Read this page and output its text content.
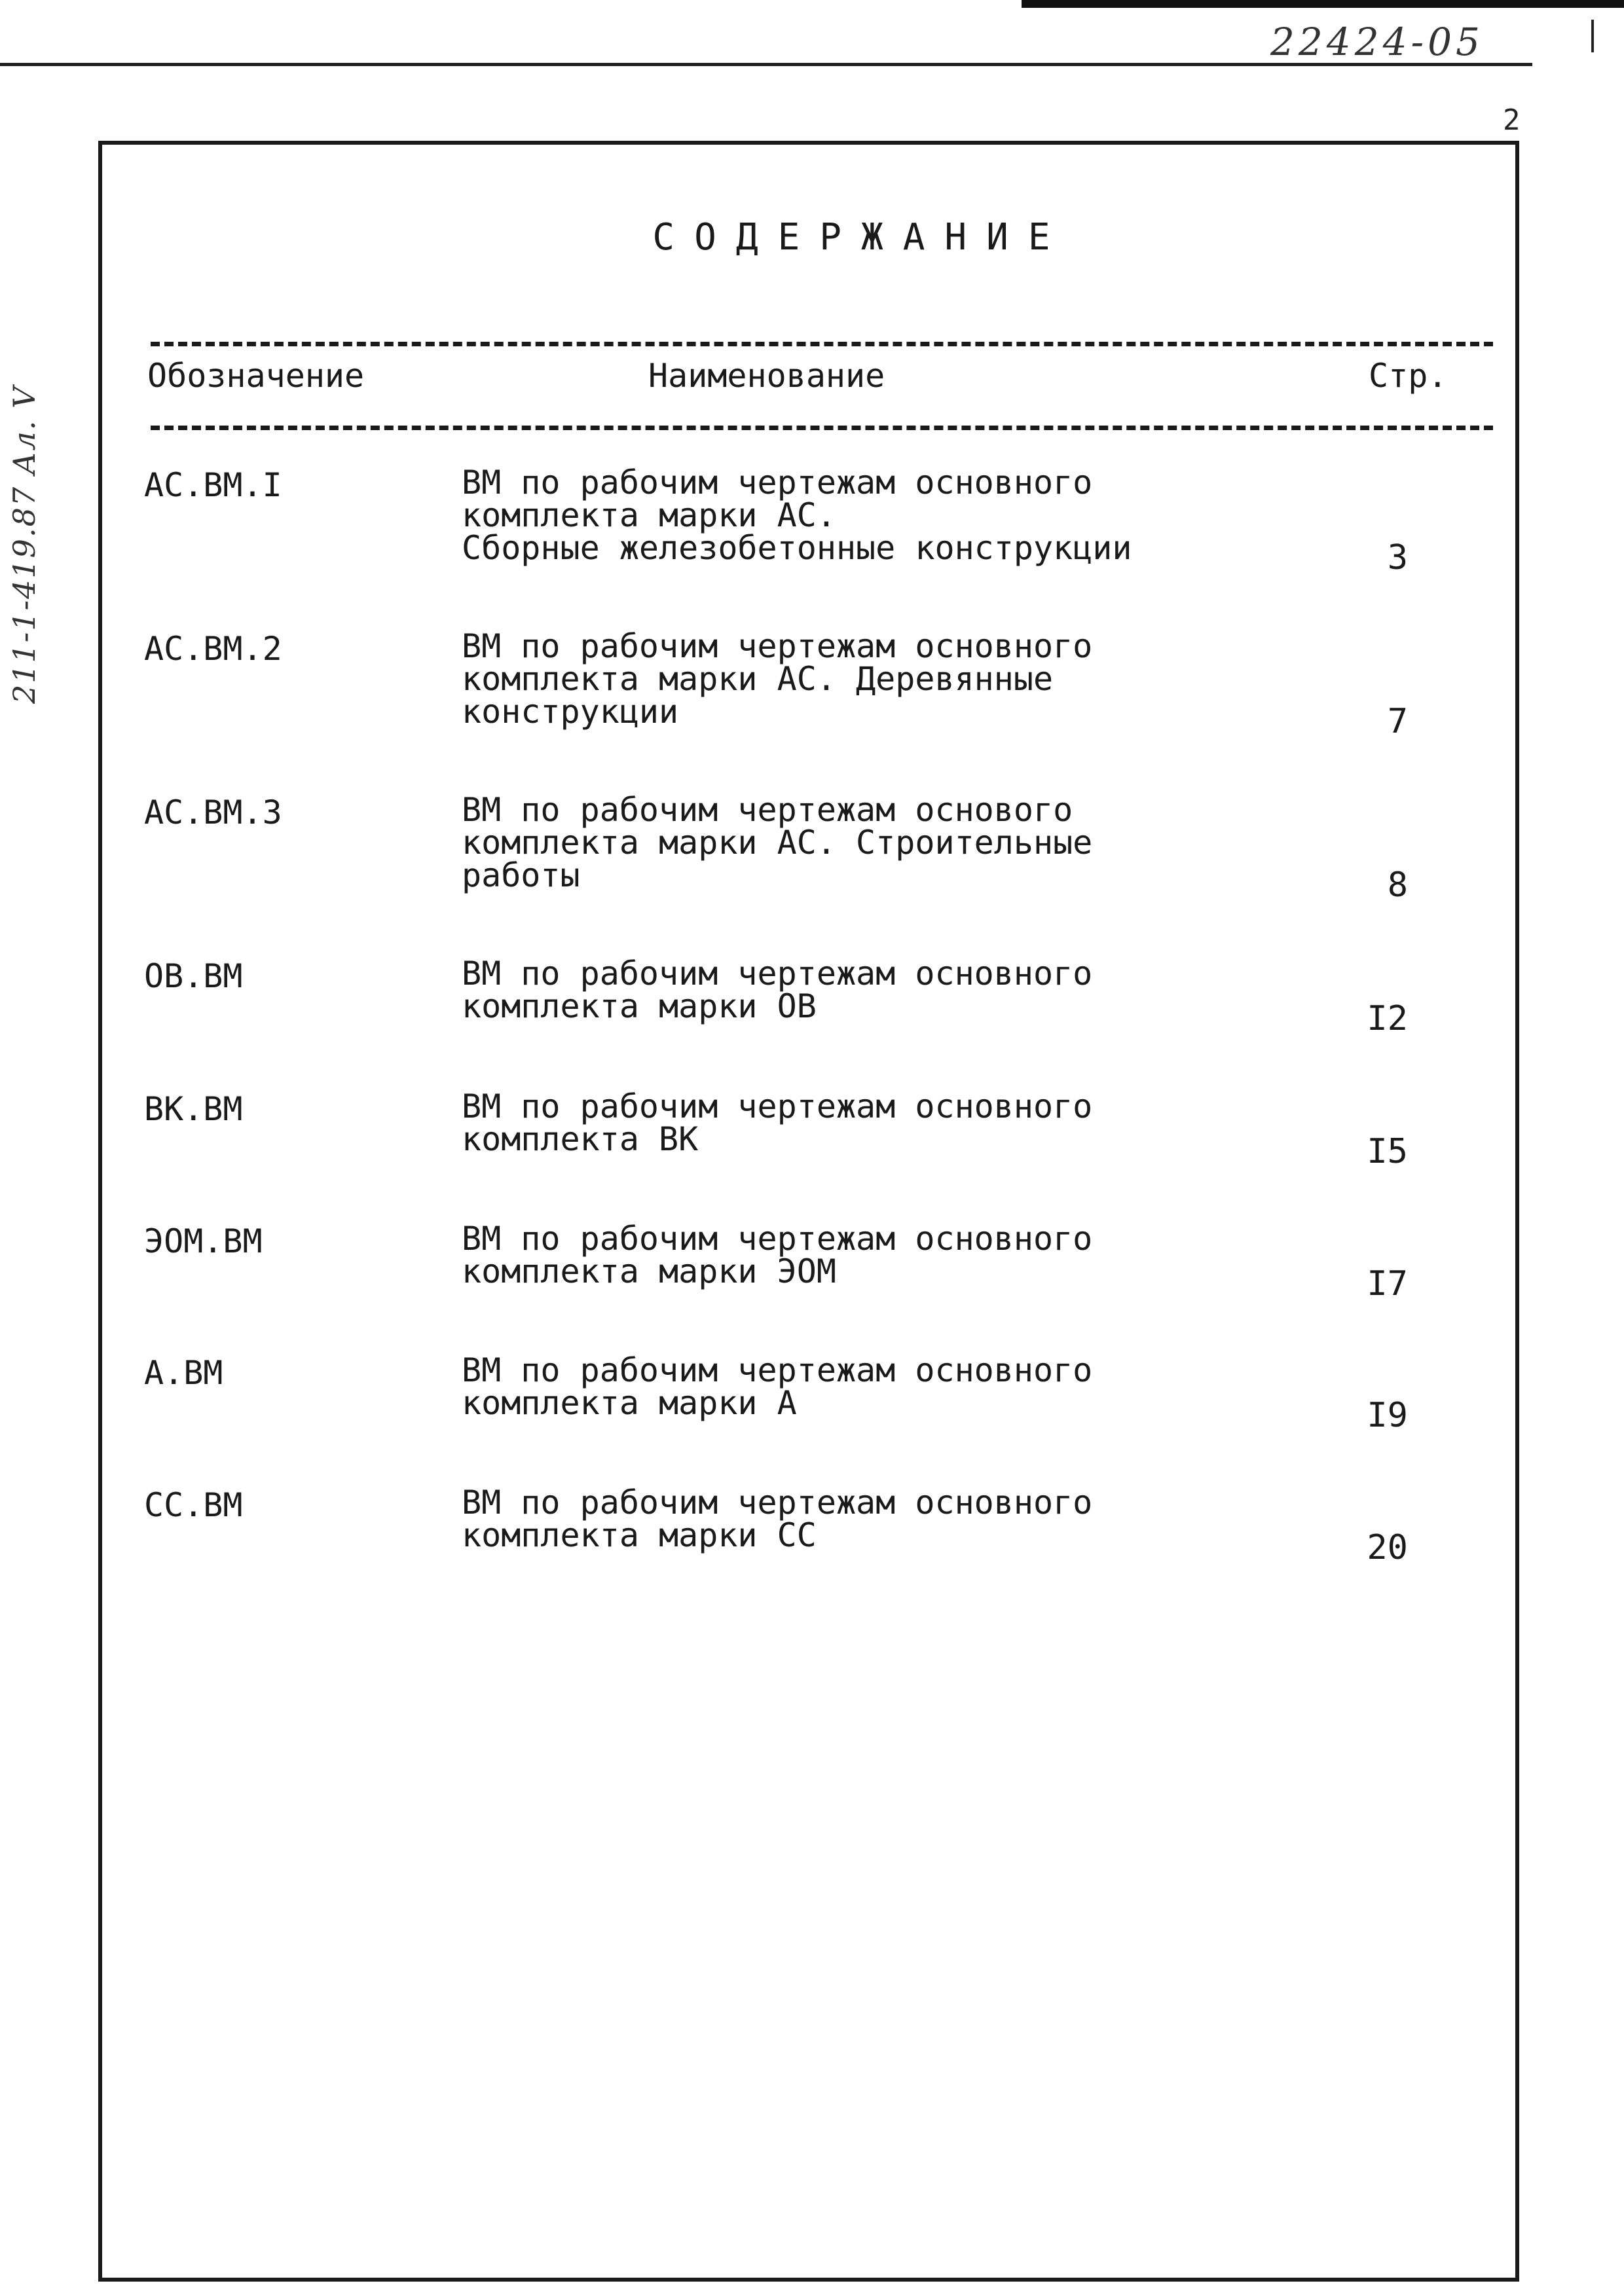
22424-05
2
211-1-419.87 Ал. V
СОДЕРЖАНИЕ
Обозначение	Наименование	Стр.
АС.ВМ.I	ВМ по рабочим чертежам основного
комплекта марки АС.
Сборные железобетонные конструкции	3
АС.ВМ.2	ВМ по рабочим чертежам основного
комплекта марки АС. Деревянные
конструкции	7
АС.ВМ.3	ВМ по рабочим чертежам основого
комплекта марки АС. Строительные
работы	8
ОВ.ВМ	ВМ по рабочим чертежам основного
комплекта марки ОВ	I2
ВК.ВМ	ВМ по рабочим чертежам основного
комплекта ВК	I5
ЭОМ.ВМ	ВМ по рабочим чертежам основного
комплекта марки ЭОМ	I7
А.ВМ	ВМ по рабочим чертежам основного
комплекта марки А	I9
СС.ВМ	ВМ по рабочим чертежам основного
комплекта марки СС	20
